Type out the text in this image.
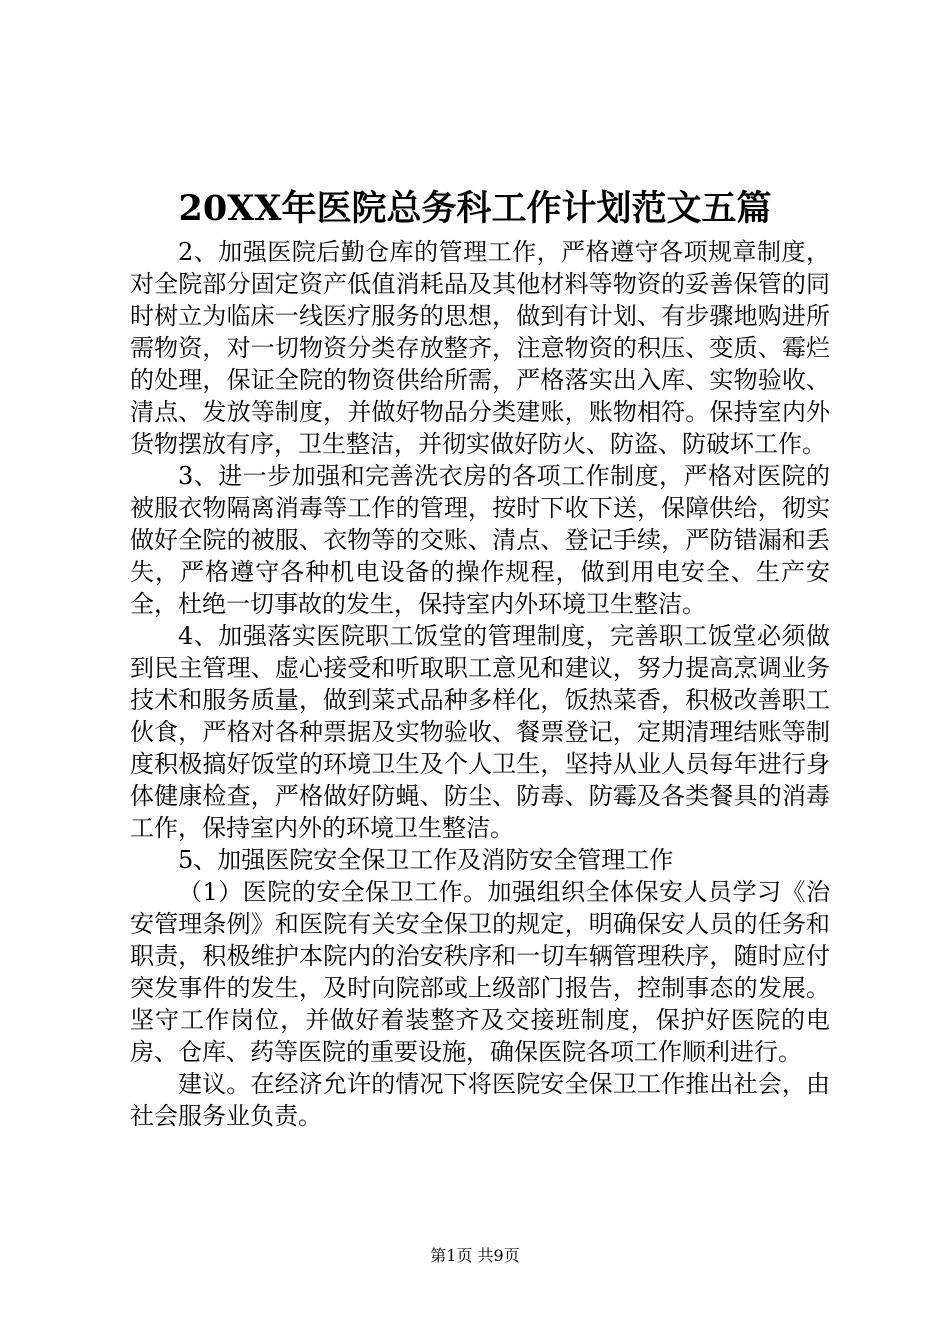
20XX年医院总务科工作计划范文五篇

2、加强医院后勤仓库的管理工作，严格遵守各项规章制度，对全院部分固定资产低值消耗品及其他材料等物资的妥善保管的同时树立为临床一线医疗服务的思想，做到有计划、有步骤地购进所需物资，对一切物资分类存放整齐，注意物资的积压、变质、霉烂的处理，保证全院的物资供给所需，严格落实出入库、实物验收、清点、发放等制度，并做好物品分类建账，账物相符。保持室内外货物摆放有序，卫生整洁，并彻实做好防火、防盗、防破坏工作。

3、进一步加强和完善洗衣房的各项工作制度，严格对医院的被服衣物隔离消毒等工作的管理，按时下收下送，保障供给，彻实做好全院的被服、衣物等的交账、清点、登记手续，严防错漏和丢失，严格遵守各种机电设备的操作规程，做到用电安全、生产安全，杜绝一切事故的发生，保持室内外环境卫生整洁。

4、加强落实医院职工饭堂的管理制度，完善职工饭堂必须做到民主管理、虚心接受和听取职工意见和建议，努力提高烹调业务技术和服务质量，做到菜式品种多样化，饭热菜香，积极改善职工伙食，严格对各种票据及实物验收、餐票登记，定期清理结账等制度积极搞好饭堂的环境卫生及个人卫生，坚持从业人员每年进行身体健康检查，严格做好防蝇、防尘、防毒、防霉及各类餐具的消毒工作，保持室内外的环境卫生整洁。

5、加强医院安全保卫工作及消防安全管理工作

（1）医院的安全保卫工作。加强组织全体保安人员学习《治安管理条例》和医院有关安全保卫的规定，明确保安人员的任务和职责，积极维护本院内的治安秩序和一切车辆管理秩序，随时应付突发事件的发生，及时向院部或上级部门报告，控制事态的发展。坚守工作岗位，并做好着装整齐及交接班制度，保护好医院的电房、仓库、药等医院的重要设施，确保医院各项工作顺利进行。

建议。在经济允许的情况下将医院安全保卫工作推出社会，由社会服务业负责。

第1页 共9页
